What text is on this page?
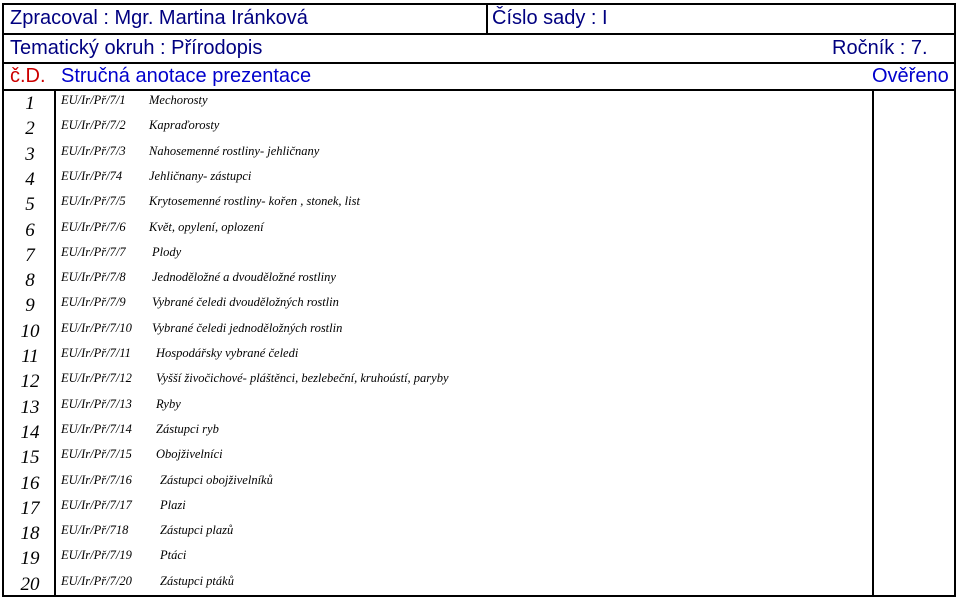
Zpracoval : Mgr. Martina Iránková	Číslo sady : I
Tematický okruh : Přírodopis	Ročník : 7.
č.D. Stručná anotace prezentace	Ověřeno
1	EU/Ir/Př/7/1 Mechorosty
2	EU/Ir/Př/7/2 Kapraďorosty
3	EU/Ir/Př/7/3 Nahosemenné rostliny- jehličnany
4	EU/Ir/Př/74 Jehličnany- zástupci
5	EU/Ir/Př/7/5 Krytosemenné rostliny- kořen , stonek, list
6	EU/Ir/Př/7/6 Květ, opylení, oplození
7	EU/Ir/Př/7/7 Plody
8	EU/Ir/Př/7/8 Jednoděložné a dvouděložné rostliny
9	EU/Ir/Př/7/9 Vybrané čeledi dvouděložných rostlin
10	EU/Ir/Př/7/10 Vybrané čeledi jednoděložných rostlin
11	EU/Ir/Př/7/11 Hospodářsky vybrané čeledi
12	EU/Ir/Př/7/12 Vyšší živočichové- pláštěnci, bezlebeční, kruhoústí, paryby
13	EU/Ir/Př/7/13 Ryby
14	EU/Ir/Př/7/14 Zástupci ryb
15	EU/Ir/Př/7/15 Obojživelníci
16	EU/Ir/Př/7/16 Zástupci obojživelníků
17	EU/Ir/Př/7/17 Plazi
18	EU/Ir/Př/718	Zástupci plazů
19	EU/Ir/Př/7/19 Ptáci
20	EU/Ir/Př/7/20 Zástupci ptáků
